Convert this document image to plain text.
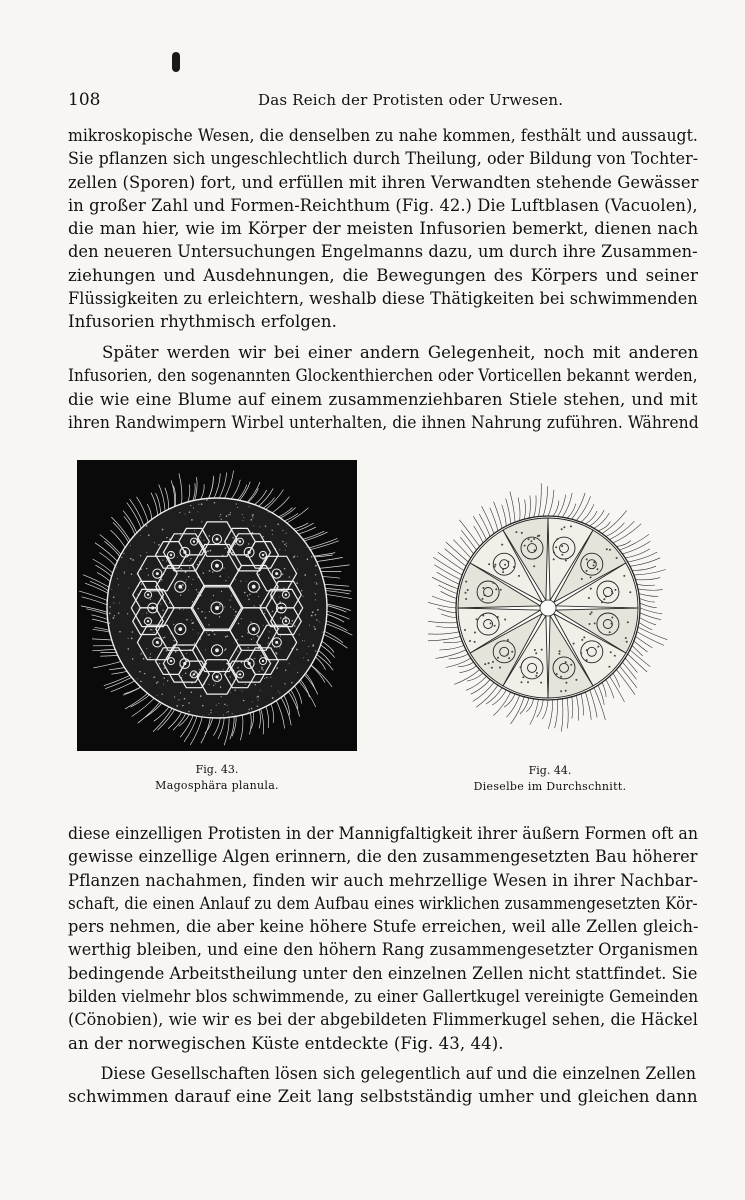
108	Das Reich der Protisten oder Urwesen.

mikroskopische Wesen, die denselben zu nahe kommen, festhält und aussaugt.
Sie pflanzen sich ungeschlechtlich durch Theilung, oder Bildung von Tochter-
zellen (Sporen) fort, und erfüllen mit ihren Verwandten stehende Gewässer
in großer Zahl und Formen-Reichthum (Fig. 42.) Die Luftblasen (Vacuolen),
die man hier, wie im Körper der meisten Infusorien bemerkt, dienen nach
den neueren Untersuchungen Engelmanns dazu, um durch ihre Zusammen-
ziehungen und Ausdehnungen, die Bewegungen des Körpers und seiner
Flüssigkeiten zu erleichtern, weshalb diese Thätigkeiten bei schwimmenden
Infusorien rhythmisch erfolgen.

Später werden wir bei einer andern Gelegenheit, noch mit anderen
Infusorien, den sogenannten Glockenthierchen oder Vorticellen bekannt werden,
die wie eine Blume auf einem zusammenziehbaren Stiele stehen, und mit
ihren Randwimpern Wirbel unterhalten, die ihnen Nahrung zuführen. Während

Fig. 43.
Magosphära planula.
Fig. 44.
Dieselbe im Durchschnitt.

diese einzelligen Protisten in der Mannigfaltigkeit ihrer äußern Formen oft an
gewisse einzellige Algen erinnern, die den zusammengesetzten Bau höherer
Pflanzen nachahmen, finden wir auch mehrzellige Wesen in ihrer Nachbar-
schaft, die einen Anlauf zu dem Aufbau eines wirklichen zusammengesetzten Kör-
pers nehmen, die aber keine höhere Stufe erreichen, weil alle Zellen gleich-
werthig bleiben, und eine den höhern Rang zusammengesetzter Organismen
bedingende Arbeitstheilung unter den einzelnen Zellen nicht stattfindet. Sie
bilden vielmehr blos schwimmende, zu einer Gallertkugel vereinigte Gemeinden
(Cönobien), wie wir es bei der abgebildeten Flimmerkugel sehen, die Häckel
an der norwegischen Küste entdeckte (Fig. 43, 44).

Diese Gesellschaften lösen sich gelegentlich auf und die einzelnen Zellen
schwimmen darauf eine Zeit lang selbstständig umher und gleichen dann
